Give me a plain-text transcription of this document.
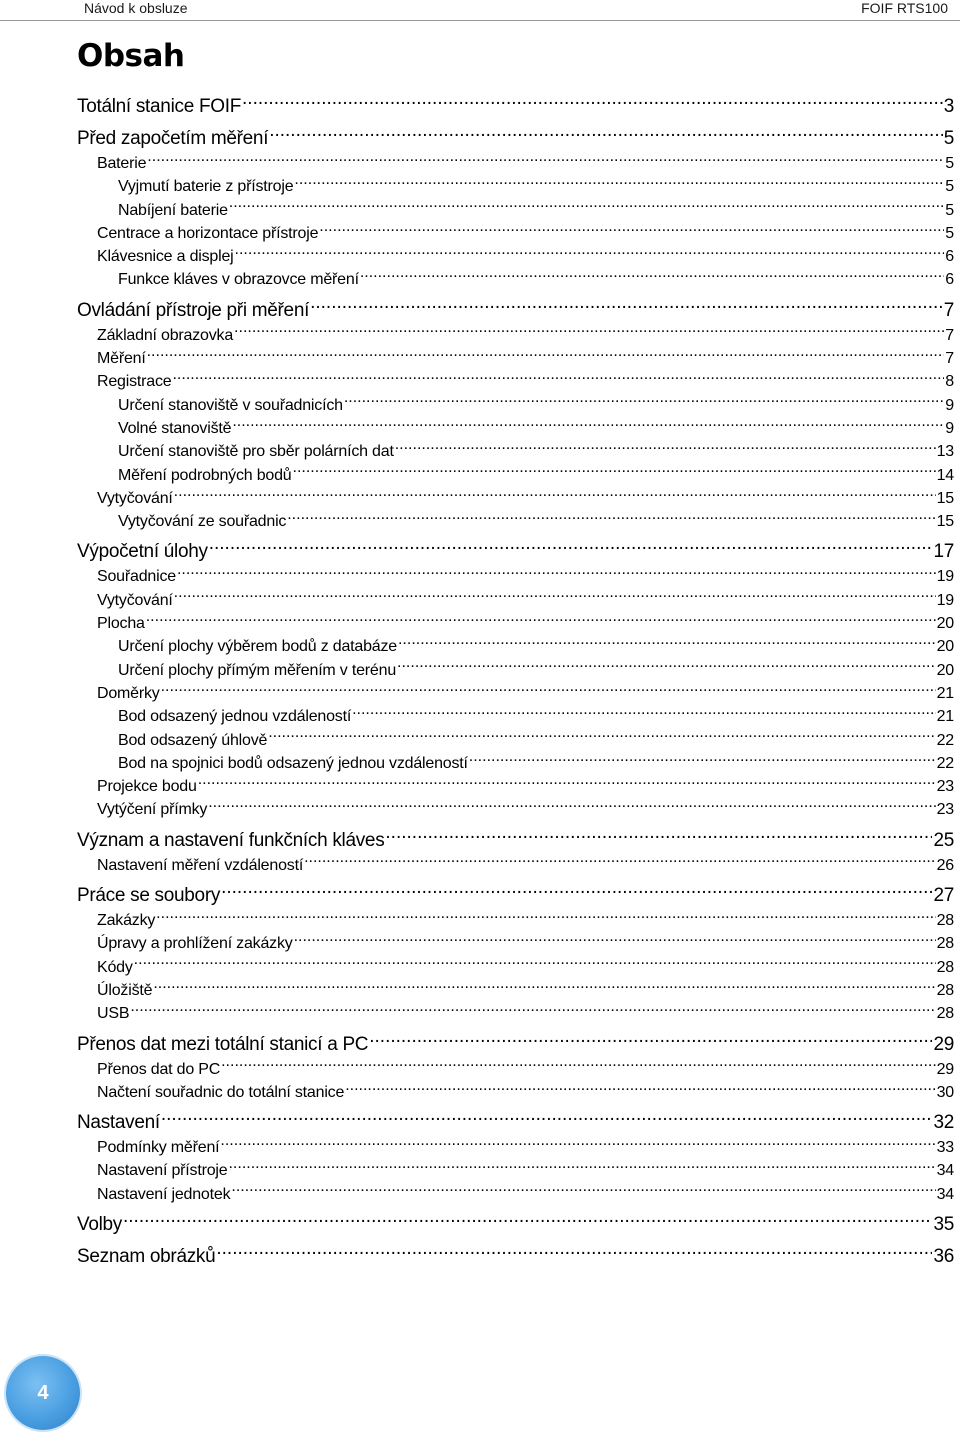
Návod k obsluze	FOIF RTS100
Obsah
Totální stanice FOIF .....	3
Před započetím měření .....	5
Baterie .....	5
Vyjmutí baterie z přístroje .....	5
Nabíjení baterie .....	5
Centrace a horizontace přístroje .....	5
Klávesnice a displej .....	6
Funkce kláves v obrazovce měření .....	6
Ovládání přístroje při měření .....	7
Základní obrazovka .....	7
Měření .....	7
Registrace .....	8
Určení stanoviště v souřadnicích .....	9
Volné stanoviště .....	9
Určení stanoviště pro sběr polárních dat .....	13
Měření podrobných bodů .....	14
Vytyčování .....	15
Vytyčování ze souřadnic .....	15
Výpočetní úlohy .....	17
Souřadnice .....	19
Vytyčování .....	19
Plocha .....	20
Určení plochy výběrem bodů z databáze .....	20
Určení plochy přímým měřením v terénu .....	20
Doměrky .....	21
Bod odsazený jednou vzdáleností .....	21
Bod odsazený úhlově .....	22
Bod na spojnici bodů odsazený jednou vzdáleností .....	22
Projekce bodu .....	23
Vytýčení přímky .....	23
Význam a nastavení funkčních kláves .....	25
Nastavení měření vzdáleností .....	26
Práce se soubory .....	27
Zakázky .....	28
Úpravy a prohlížení zakázky .....	28
Kódy .....	28
Úložiště .....	28
USB .....	28
Přenos dat mezi totální stanicí a PC .....	29
Přenos dat do PC .....	29
Načtení souřadnic do totální stanice .....	30
Nastavení .....	32
Podmínky měření .....	33
Nastavení přístroje .....	34
Nastavení jednotek .....	34
Volby .....	35
Seznam obrázků .....	36
4
